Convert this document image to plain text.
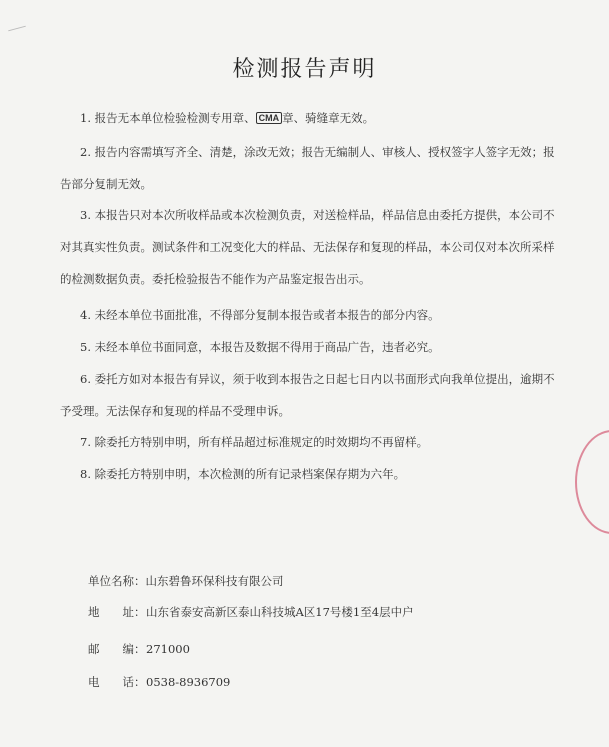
检测报告声明
1. 报告无本单位检验检测专用章、 CMA 章、骑缝章无效。
2. 报告内容需填写齐全、清楚，涂改无效；报告无编制人、审核人、授权签字人签字无效；报告部分复制无效。
3. 本报告只对本次所收样品或本次检测负责，对送检样品，样品信息由委托方提供，本公司不对其真实性负责。测试条件和工况变化大的样品、无法保存和复现的样品，本公司仅对本次所采样的检测数据负责。委托检验报告不能作为产品鉴定报告出示。
4. 未经本单位书面批准，不得部分复制本报告或者本报告的部分内容。
5. 未经本单位书面同意，本报告及数据不得用于商品广告，违者必究。
6. 委托方如对本报告有异议，须于收到本报告之日起七日内以书面形式向我单位提出，逾期不予受理。无法保存和复现的样品不受理申诉。
7. 除委托方特别申明，所有样品超过标准规定的时效期均不再留样。
8. 除委托方特别申明，本次检测的所有记录档案保存期为六年。
单位名称：山东碧鲁环保科技有限公司
地　　址：山东省泰安高新区泰山科技城A区17号楼1至4层中户
邮　　编：271000
电　　话：0538-8936709
